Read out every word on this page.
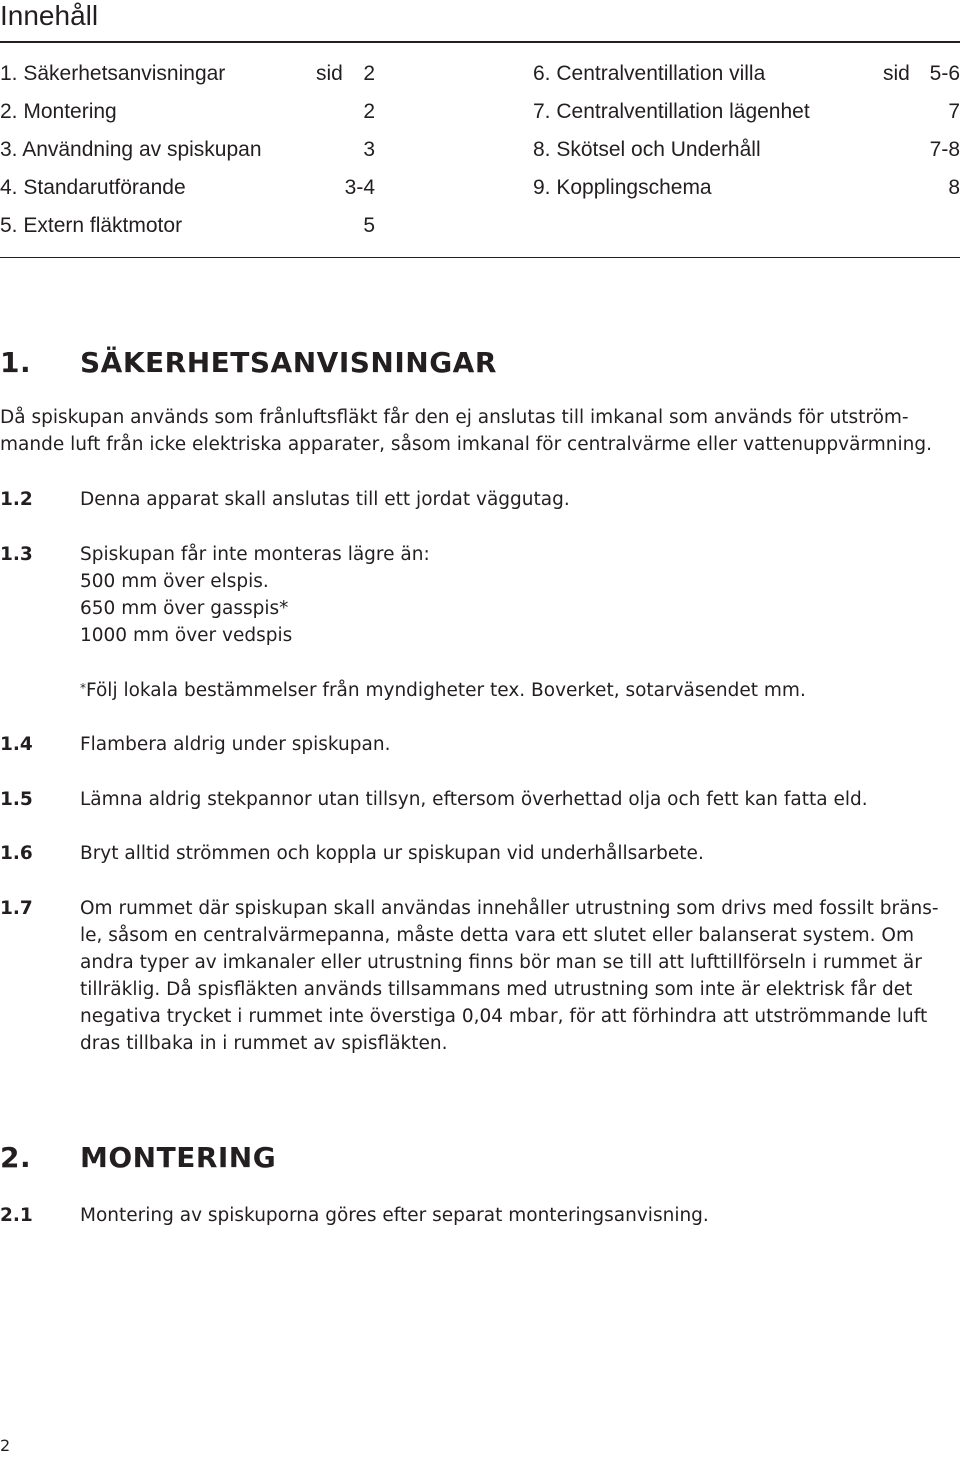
Innehåll
1. Säkerhetsanvisningar	sid 2
2. Montering	2
3. Användning av spiskupan	3
4. Standarutförande	3-4
5. Extern fläktmotor	5
6. Centralventillation villa	sid 5-6
7. Centralventillation lägenhet	7
8. Skötsel och Underhåll	7-8
9. Kopplingschema	8
1. SÄKERHETSANVISNINGAR
Då spiskupan används som frånluftsfläkt får den ej anslutas till imkanal som används för utström-
mande luft från icke elektriska apparater, såsom imkanal för centralvärme eller vattenuppvärmning.
1.2	Denna apparat skall anslutas till ett jordat väggutag.
1.3	Spiskupan får inte monteras lägre än:
500 mm över elspis.
650 mm över gasspis*
1000 mm över vedspis
*Följ lokala bestämmelser från myndigheter tex. Boverket, sotarväsendet mm.
1.4	Flambera aldrig under spiskupan.
1.5	Lämna aldrig stekpannor utan tillsyn, eftersom överhettad olja och fett kan fatta eld.
1.6	Bryt alltid strömmen och koppla ur spiskupan vid underhållsarbete.
1.7	Om rummet där spiskupan skall användas innehåller utrustning som drivs med fossilt bräns-
le, såsom en centralvärmepanna, måste detta vara ett slutet eller balanserat system. Om
andra typer av imkanaler eller utrustning finns bör man se till att lufttillförseln i rummet är
tillräklig. Då spisfläkten används tillsammans med utrustning som inte är elektrisk får det
negativa trycket i rummet inte överstiga 0,04 mbar, för att förhindra att utströmmande luft
dras tillbaka in i rummet av spisfläkten.
2. MONTERING
2.1	Montering av spiskuporna göres efter separat monteringsanvisning.
2
